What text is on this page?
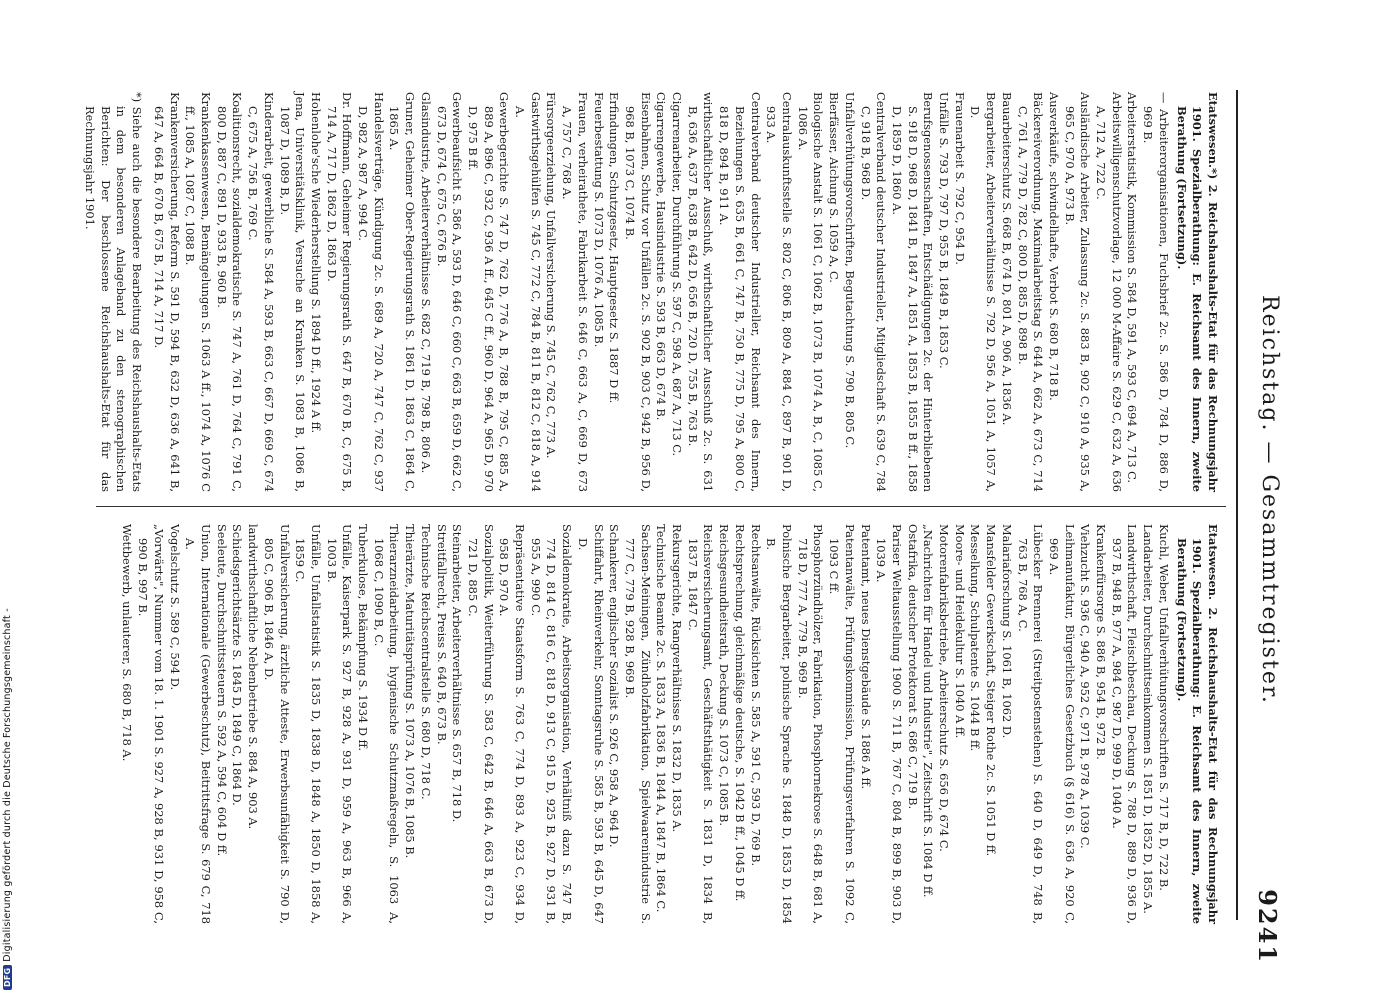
Reichstag. — Gesammtregister.
9241

Etatswesen.*) 2. Reichshaushalts-Etat für das Rechnungsjahr 1901. Spezialberathung: E. Reichsamt des Innern, zweite Berathung (Fortsetzung).

— Arbeiterorganisationen, Fuchsbrief 2c. S. 586 D, 784 D, 886 D, 969 B.

Arbeiterstatistik, Kommission S. 584 D, 591 A, 593 C, 694 A, 713 C.

Arbeitswilligenschutzvorlage, 12 000 M-Affaire S. 629 C, 632 A, 636 A, 712 A, 722 C.

Ausländische Arbeiter, Zulassung 2c. S. 883 B, 902 C, 910 A, 935 A, 965 C, 970 A, 973 B.

Ausverkäufe, schwindelhafte, Verbot S. 680 B, 718 B.

Bäckereiverordnung, Maximalarbeitstag S. 644 A, 662 A, 673 C, 714 C, 761 A, 779 D, 782 C, 800 D, 885 D, 898 B.

Bauarbeiterschutz S. 668 B, 674 D, 801 A, 906 A, 1836 A.

Bergarbeiter, Arbeiterverhältnisse S. 792 D, 956 A, 1051 A, 1057 A, D.

Frauenarbeit S. 792 C, 954 D.

Unfälle S. 793 D, 797 D, 955 B, 1849 B, 1853 C.

Berufsgenossenschaften, Entschädigungen 2c. der Hinterbliebenen S. 918 D, 968 D, 1841 B, 1847 A, 1851 A, 1853 B, 1855 B ff., 1858 D, 1859 D, 1860 A.

Centralverband deutscher Industrieller, Mitgliedschaft S. 639 C, 784 C, 918 B, 968 D.

Unfallverhütungsvorschriften, Begutachtung S. 790 B, 805 C.

Bierfässer, Aichung S. 1059 A, C.

Biologische Anstalt S. 1061 C, 1062 B, 1073 B, 1074 A, B, C, 1085 C, 1086 A.

Centralauskunftsstelle S. 802 C, 806 B, 809 A, 884 C, 897 B, 901 D, 933 A.

Centralverband deutscher Industrieller, Reichsamt des Innern, Beziehungen S. 635 B, 661 C, 747 B, 750 B, 775 D, 795 A, 800 C, 818 D, 894 B, 911 A.

wirthschaftlicher Ausschuß, wirthschaftlicher Ausschuß 2c. S. 631 B, 636 A, 637 B, 638 B, 642 D, 656 B, 720 D, 755 B, 763 B.

Cigarrenarbeiter, Durchführung S. 597 C, 598 A, 687 A, 713 C.

Cigarrengewerbe, Hausindustrie S. 593 B, 663 D, 674 B.

Eisenbahnen, Schutz vor Unfällen 2c. S. 902 B, 903 C, 942 B, 956 D, 968 B, 1073 C, 1074 B.

Erfindungen, Schutzgesetz, Hauptgesetz S. 1887 D ff.

Feuerbestattung S. 1073 D, 1076 A, 1085 B.

Frauen, verheirathete, Fabrikarbeit S. 646 C, 663 A, C, 669 D, 673 A, 757 C, 768 A.

Fürsorgeerziehung, Unfallversicherung S. 745 C, 762 C, 773 A.

Gastwirthsgehülfen S. 745 C, 772 C, 784 B, 811 B, 812 C, 818 A, 914 A.

Gewerbegerichte S. 747 D, 762 D, 776 A, B, 788 B, 795 C, 885 A, 889 A, 896 C, 932 C, 936 A ff., 645 C ff., 960 D, 964 A, 965 D, 970 D, 975 B ff.

Gewerbeaufsicht S. 586 A, 593 D, 646 C, 660 C, 663 B, 659 D, 662 C, 673 D, 674 C, 675 C, 676 B.

Glasindustrie, Arbeiterverhältnisse S. 682 C, 719 B, 798 B, 806 A.

Gruner, Geheimer Ober-Regierungsrath S. 1861 D, 1863 C, 1864 C, 1865 A.

Handelsverträge, Kündigung 2c. S. 689 A, 720 A, 747 C, 762 C, 937 D, 982 A, 987 A, 994 C.

Dr. Hoffmann, Geheimer Regierungsrath S. 647 B, 670 B, C, 675 B, 714 A, 717 D, 1862 D, 1863 D.

Hohenlohe'sche Wiederherstellung S. 1894 D ff., 1924 A ff.

Jena, Universitätsklinik, Versuche an Kranken S. 1083 B, 1086 B, 1087 D, 1089 B, D.

Kinderarbeit, gewerbliche S. 584 A, 593 B, 663 C, 667 D, 669 C, 674 C, 675 A, 756 B, 769 C.

Koalitionsrecht, sozialdemokratische S. 747 A, 761 D, 764 C, 791 C, 800 D, 887 C, 891 D, 933 B, 960 B.

Krankenkassenwesen, Bemängelungen S. 1063 A ff., 1074 A, 1076 C ff., 1085 A, 1087 C, 1088 B.

Krankenversicherung, Reform S. 591 D, 594 B, 632 D, 636 A, 641 B, 647 A, 664 B, 670 B, 675 B, 714 A, 717 D.

*) Siehe auch die besondere Bearbeitung des Reichshaushalts-Etats in dem besonderen Anlageband zu den stenographischen Berichten: Der beschlossene Reichshaushalts-Etat für das Rechnungsjahr 1901.

Etatswesen. 2. Reichshaushalts-Etat für das Rechnungsjahr 1901. Spezialberathung: E. Reichsamt des Innern, zweite Berathung (Fortsetzung).

Kuchl, Weber, Unfallverhütungsvorschriften S. 717 B, D, 722 B.

Landarbeiter, Durchschnittseinkommen S. 1851 D, 1852 D, 1855 A.

Landwirthschaft, Fleischbeschau, Deckung S. 788 D, 889 D, 936 D, 937 B, 948 B, 977 A, 984 C, 987 D, 999 D, 1040 A.

Krankenfürsorge S. 886 B, 954 B, 972 B.

Viehzucht S. 936 C, 940 A, 952 C, 971 B, 978 A, 1039 C.

Leihmanufaktur, Bürgerliches Gesetzbuch (§ 616) S. 636 A, 920 C, 969 A.

Lübecker Brennerei (Streitpostenstehen) S. 640 D, 649 D, 748 B, 763 B, 768 A, C.

Malariaforschung S. 1061 B, 1062 D.

Mansfelder Gewerkschaft, Steiger Rothe 2c. S. 1051 D ff.

Messelkung, Schulpatente S. 1044 B ff.

Moore- und Heidekultur S. 1040 A ff.

Motorenfabriksbetriebe, Arbeiterschutz S. 656 D, 674 C.

„Nachrichten für Handel und Industrie", Zeitschrift S. 1084 D ff.

Ostafrika, deutscher Protektorat S. 686 C, 719 B.

Pariser Weltausstellung 1900 S. 711 B, 767 C, 804 B, 899 B, 903 D, 1039 A.

Patentamt, neues Dienstgebäude S. 1886 A ff.

Patentanwälte, Prüfungskommission, Prüfungsverfahren S. 1092 C, 1093 C ff.

Phosphorzündhölzer, Fabrikation, Phosphornekrose S. 648 B, 681 A, 718 D, 777 A, 779 B, 969 B.

Polnische Bergarbeiter, polnische Sprache S. 1848 D, 1853 D, 1854 B.

Rechtsanwälte, Rücksichten S. 585 A, 591 C, 593 D, 769 B.

Rechtsprechung, gleichmäßige deutsche, S. 1042 B ff., 1045 D ff.

Reichsgesundheitsrath, Deckung S. 1073 C, 1085 B.

Reichsversicherungsamt, Geschäftsthätigkeit S. 1831 D, 1834 B, 1837 B, 1847 C.

Rekursgerichte, Rangverhältnisse S. 1832 D, 1835 A.

Technische Beamte 2c. S. 1833 A, 1836 B, 1844 A, 1847 B, 1864 C.

Sachsen-Meiningen, Zündholzfabrikation, Spielwaarenindustrie S. 777 C, 779 B, 928 B, 969 B.

Schankerer, englischer Sozialist S. 926 C, 958 A, 964 D.

Schiffahrt, Rheinverkehr, Sonntagsruhe S. 585 B, 593 B, 645 D, 647 D.

Sozialdemokratie, Arbeitsorganisation, Verhältniß dazu S. 747 B, 774 D, 814 C, 816 C, 818 D, 913 C, 915 D, 925 B, 927 D, 931 B, 955 A, 990 C.

Repräsentative Staatsform S. 763 C, 774 D, 893 A, 923 C, 934 D, 958 D, 970 A.

Sozialpolitik, Weiterführung S. 583 C, 642 B, 646 A, 663 B, 673 D, 721 D, 885 C.

Steinarbeiter, Arbeiterverhältnisse S. 657 B, 718 D.

Streitfallrecht, Preiss S. 640 B, 673 B.

Technische Reichscentralstelle S. 680 D, 718 C.

Thierärzte, Maturitätsprüfung S. 1073 A, 1076 B, 1085 B.

Thierarzneidarbeitung, hygienische Schutzmaßregeln, S. 1063 A, 1068 C, 1090 B, C.

Tuberkulose, Bekämpfung S. 1934 D ff.

Unfälle, Kaiserpark S. 927 B, 928 A, 931 D, 959 A, 963 B, 966 A, 1003 B.

Unfälle, Unfallstatistik S. 1835 D, 1838 D, 1848 A, 1850 D, 1858 A, 1859 C.

Unfallversicherung, ärztliche Atteste, Erwerbsunfähigkeit S. 790 D, 805 C, 906 B, 1846 A, D.

landwirthschaftliche Nebenbetriebe S. 884 A, 903 A.

Schiedsgerichtsärzte S. 1845 D, 1849 C, 1864 D.

Seeleute, Durchschnittssteuern S. 592 A, 594 C, 604 D ff.

Union, Internationale (Gewerbeschutz), Beitrittsfrage S. 679 C, 718 A.

Vogelschutz S. 589 C, 594 D.

„Vorwärts", Nummer vom 18. 1. 1901 S. 927 A, 928 B, 931 D, 958 C, 990 B, 997 B.

Wettbewerb, unlauterer, S. 680 B, 718 A.

DFGDigitalisierung gefördert durch die Deutsche Forschungsgemeinschaft -
